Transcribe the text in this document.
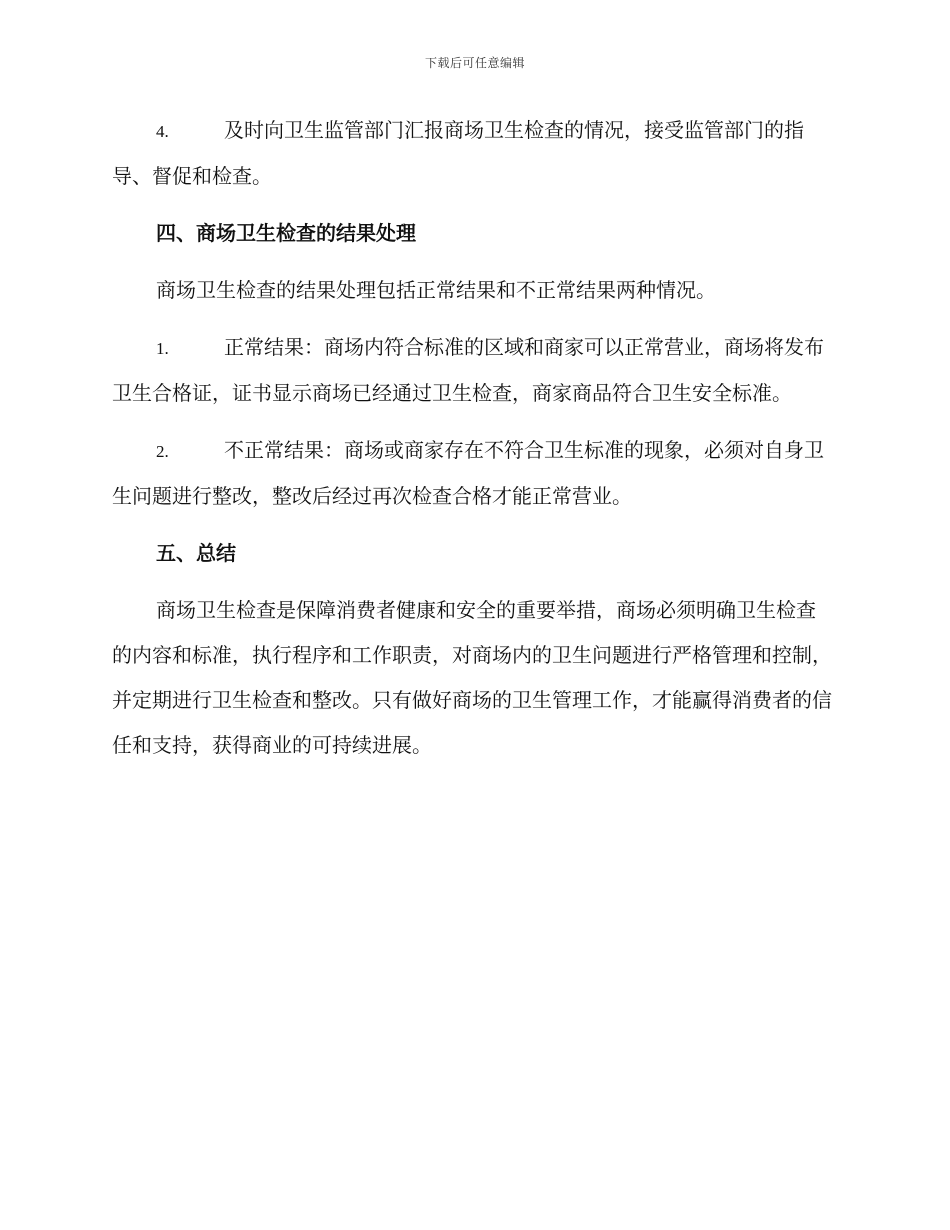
下载后可任意编辑

4.	及时向卫生监管部门汇报商场卫生检查的情况，接受监管部门的指导、督促和检查。

四、商场卫生检查的结果处理

商场卫生检查的结果处理包括正常结果和不正常结果两种情况。

1.	正常结果：商场内符合标准的区域和商家可以正常营业，商场将发布卫生合格证，证书显示商场已经通过卫生检查，商家商品符合卫生安全标准。

2.	不正常结果：商场或商家存在不符合卫生标准的现象，必须对自身卫生问题进行整改，整改后经过再次检查合格才能正常营业。

五、总结

商场卫生检查是保障消费者健康和安全的重要举措，商场必须明确卫生检查的内容和标准，执行程序和工作职责，对商场内的卫生问题进行严格管理和控制，并定期进行卫生检查和整改。只有做好商场的卫生管理工作，才能赢得消费者的信任和支持，获得商业的可持续进展。
